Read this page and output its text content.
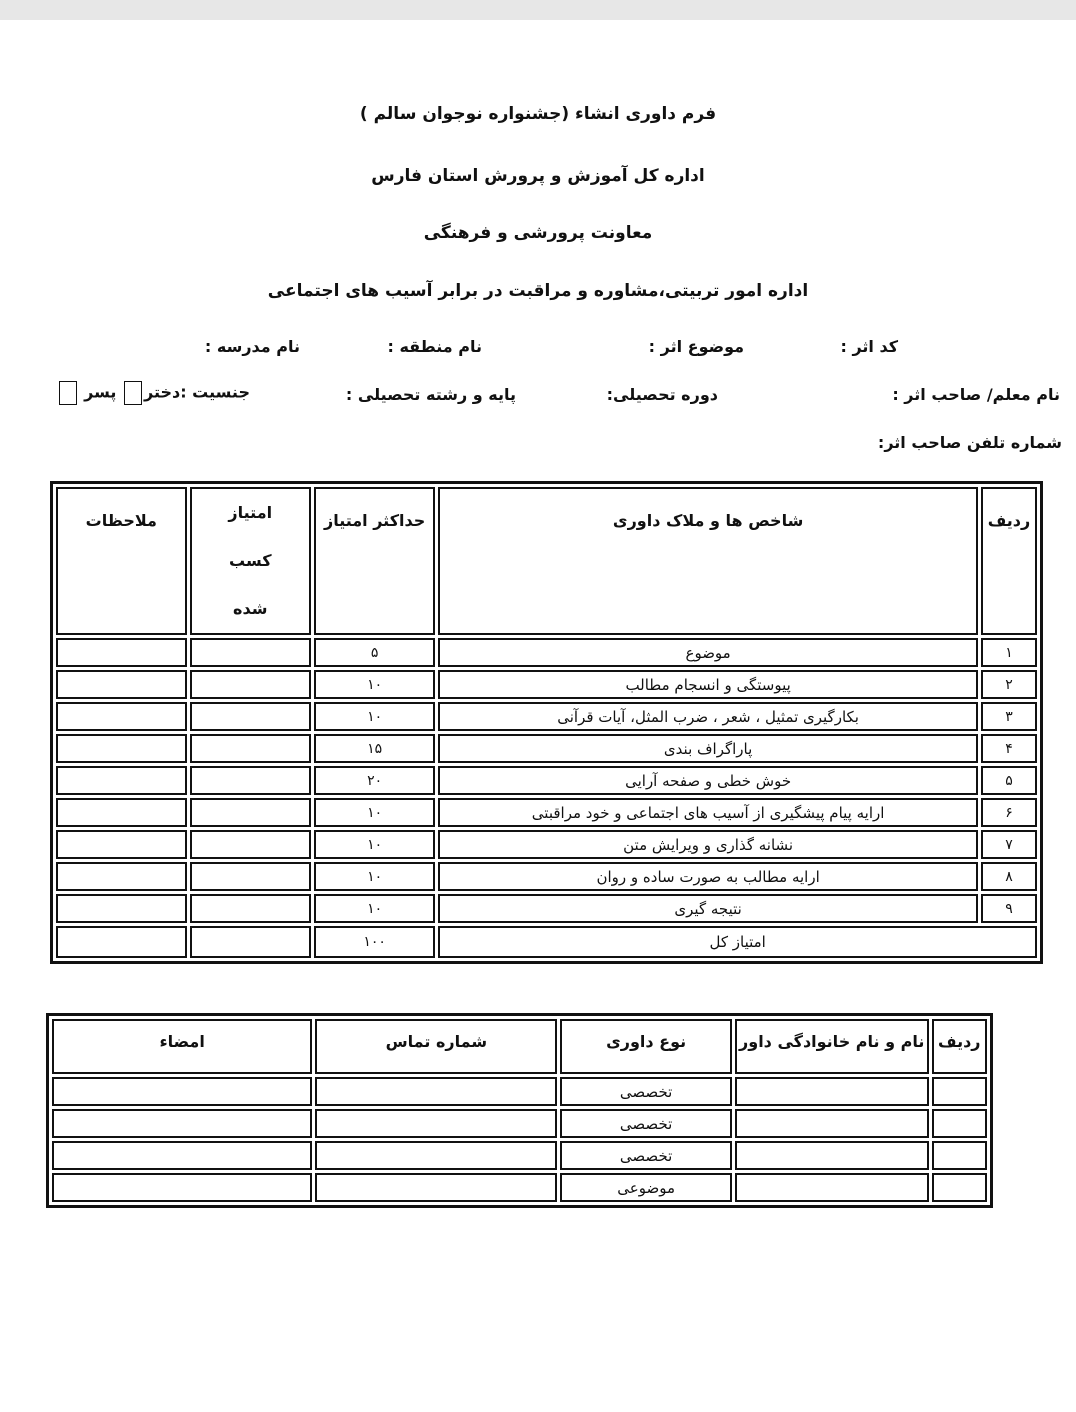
فرم داوری انشاء (جشنواره نوجوان سالم )
اداره کل آموزش و پرورش استان فارس
معاونت پرورشی و فرهنگی
اداره امور تربیتی،مشاوره و مراقبت در برابر آسیب های اجتماعی
کد اثر :
موضوع اثر :
نام منطقه :
نام مدرسه :
نام معلم/ صاحب اثر :
دوره تحصیلی:
پایه و رشته تحصیلی :
جنسیت :دختر پسر
شماره تلفن صاحب اثر:
ردیف	شاخص ها و ملاک داوری	حداکثر امتیاز	امتیاز کسب شده	ملاحظات
۱	موضوع	۵		
۲	پیوستگی و انسجام مطالب	۱۰		
۳	بکارگیری تمثیل ، شعر ، ضرب المثل، آیات قرآنی	۱۰		
۴	پاراگراف بندی	۱۵		
۵	خوش خطی و صفحه آرایی	۲۰		
۶	ارایه پیام پیشگیری از آسیب های اجتماعی و خود مراقبتی	۱۰		
۷	نشانه گذاری و ویرایش متن	۱۰		
۸	ارایه مطالب به صورت ساده و روان	۱۰		
۹	نتیجه گیری	۱۰		
امتیاز کل		۱۰۰		
ردیف	نام و نام خانوادگی داور	نوع داوری	شماره تماس	امضاء
		تخصصی		
		تخصصی		
		تخصصی		
		موضوعی		
